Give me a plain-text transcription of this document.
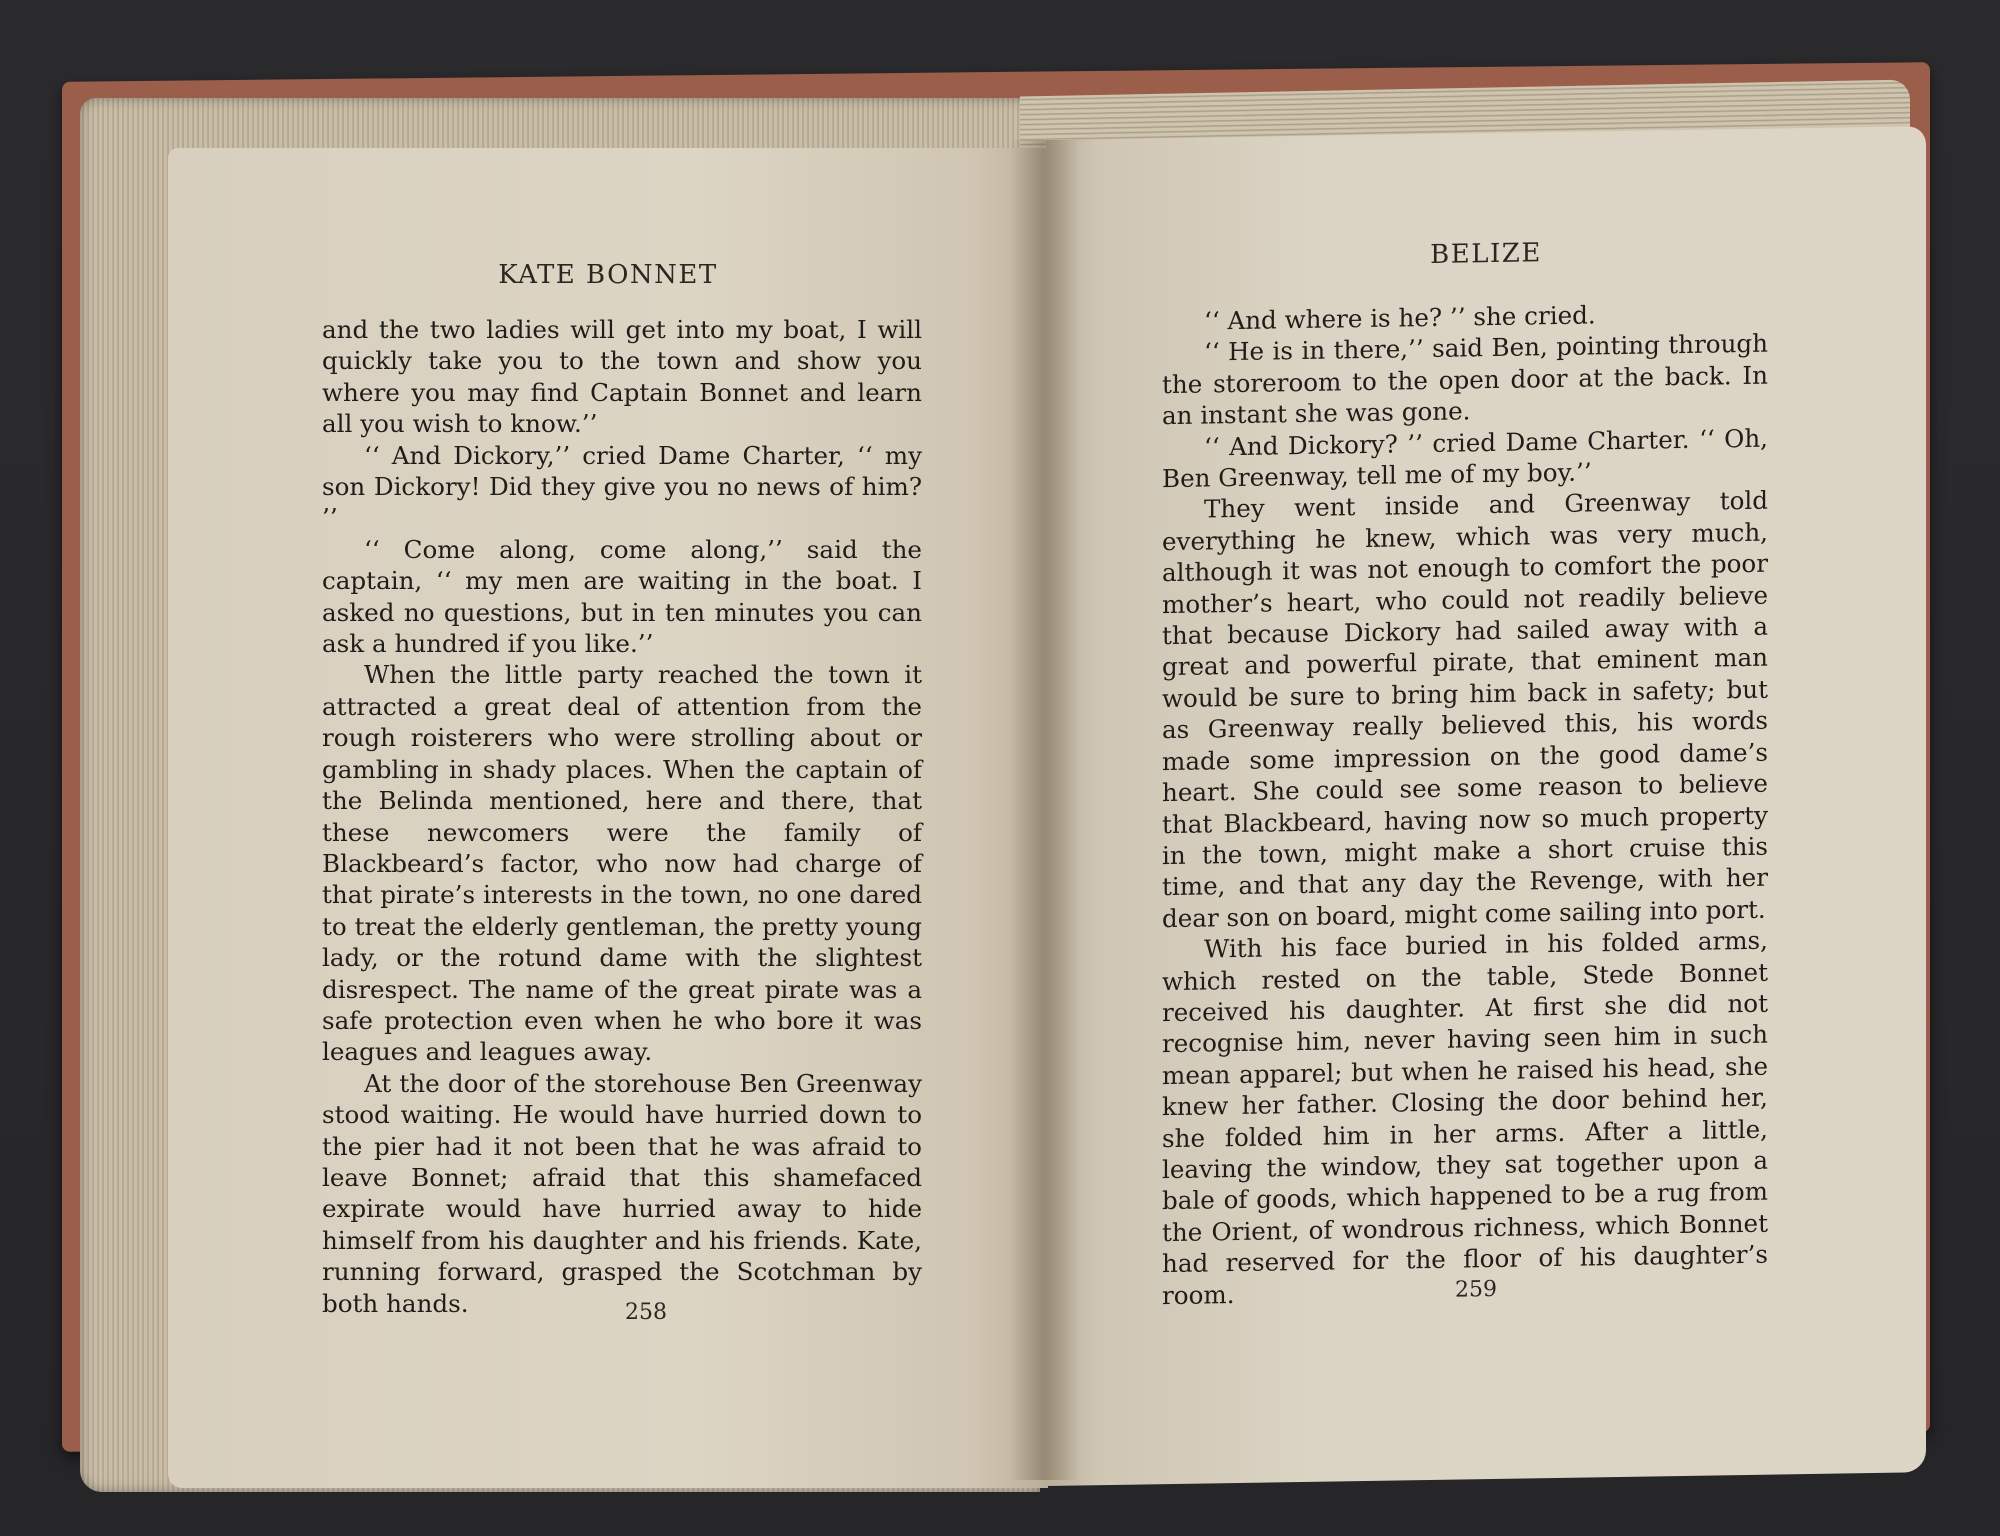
KATE BONNET

and the two ladies will get into my boat, I will quickly take you to the town and show you where you may find Captain Bonnet and learn all you wish to know.’’

‘‘ And Dickory,’’ cried Dame Charter, ‘‘ my son Dickory! Did they give you no news of him? ’’

‘‘ Come along, come along,’’ said the captain, ‘‘ my men are waiting in the boat. I asked no questions, but in ten minutes you can ask a hundred if you like.’’

When the little party reached the town it attracted a great deal of attention from the rough roisterers who were strolling about or gambling in shady places. When the captain of the Belinda mentioned, here and there, that these newcomers were the family of Blackbeard’s factor, who now had charge of that pirate’s interests in the town, no one dared to treat the elderly gentleman, the pretty young lady, or the rotund dame with the slightest disrespect. The name of the great pirate was a safe protection even when he who bore it was leagues and leagues away.

At the door of the storehouse Ben Greenway stood waiting. He would have hurried down to the pier had it not been that he was afraid to leave Bonnet; afraid that this shamefaced expirate would have hurried away to hide himself from his daughter and his friends. Kate, running forward, grasped the Scotchman by both hands.	258
BELIZE

‘‘ And where is he? ’’ she cried.

‘‘ He is in there,’’ said Ben, pointing through the storeroom to the open door at the back. In an instant she was gone.

‘‘ And Dickory? ’’ cried Dame Charter. ‘‘ Oh, Ben Greenway, tell me of my boy.’’

They went inside and Greenway told everything he knew, which was very much, although it was not enough to comfort the poor mother’s heart, who could not readily believe that because Dickory had sailed away with a great and powerful pirate, that eminent man would be sure to bring him back in safety; but as Greenway really believed this, his words made some impression on the good dame’s heart. She could see some reason to believe that Blackbeard, having now so much property in the town, might make a short cruise this time, and that any day the Revenge, with her dear son on board, might come sailing into port.

With his face buried in his folded arms, which rested on the table, Stede Bonnet received his daughter. At first she did not recognise him, never having seen him in such mean apparel; but when he raised his head, she knew her father. Closing the door behind her, she folded him in her arms. After a little, leaving the window, they sat together upon a bale of goods, which happened to be a rug from the Orient, of wondrous richness, which Bonnet had reserved for the floor of his daughter’s room.	259
